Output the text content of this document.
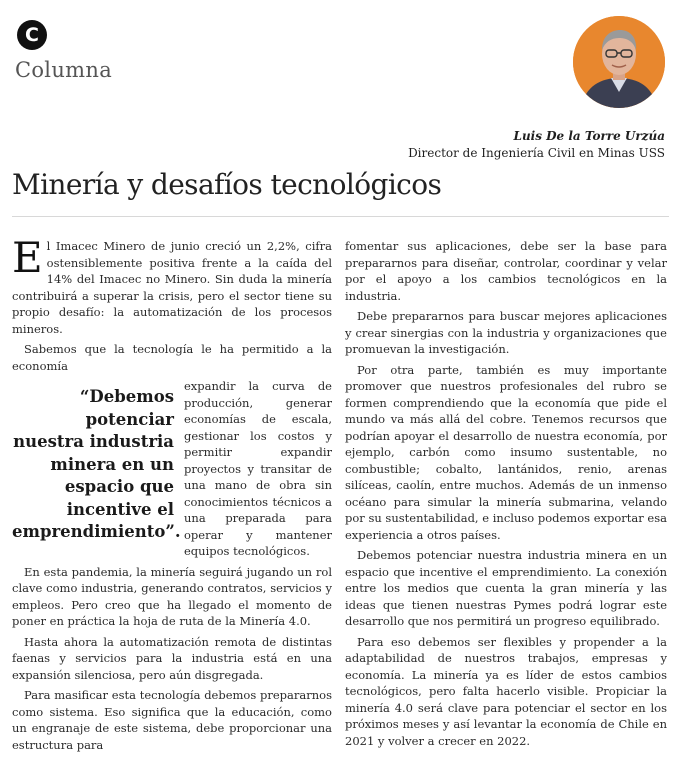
C
Columna
Luis De la Torre Urzúa
Director de Ingeniería Civil en Minas USS
Minería y desafíos tecnológicos

El Imacec Minero de junio creció un 2,2%, cifra ostensiblemente positiva frente a la caída del 14% del Imacec no Minero. Sin duda la minería contribuirá a superar la crisis, pero el sector tiene su propio desafío: la automatización de los procesos mineros.

Sabemos que la tecnología le ha permitido a la economía

“Debemos potenciar nuestra industria minera en un espacio que incentive el emprendimiento”.

expandir la curva de producción, generar economías de escala, gestionar los costos y permitir expandir proyectos y transitar de una mano de obra sin conocimientos técnicos a una preparada para operar y mantener equipos tecnológicos.

En esta pandemia, la minería seguirá jugando un rol clave como industria, generando contratos, servicios y empleos. Pero creo que ha llegado el momento de poner en práctica la hoja de ruta de la Minería 4.0.

Hasta ahora la automatización remota de distintas faenas y servicios para la industria está en una expansión silenciosa, pero aún disgregada.

Para masificar esta tecnología debemos prepararnos como sistema. Eso significa que la educación, como un engranaje de este sistema, debe proporcionar una estructura para

fomentar sus aplicaciones, debe ser la base para prepararnos para diseñar, controlar, coordinar y velar por el apoyo a los cambios tecnológicos en la industria.

Debe prepararnos para buscar mejores aplicaciones y crear sinergias con la industria y organizaciones que promuevan la investigación.

Por otra parte, también es muy importante promover que nuestros profesionales del rubro se formen comprendiendo que la economía que pide el mundo va más allá del cobre. Tenemos recursos que podrían apoyar el desarrollo de nuestra economía, por ejemplo, carbón como insumo sustentable, no combustible; cobalto, lantánidos, renio, arenas silíceas, caolín, entre muchos. Además de un inmenso océano para simular la minería submarina, velando por su sustentabilidad, e incluso podemos exportar esa experiencia a otros países.

Debemos potenciar nuestra industria minera en un espacio que incentive el emprendimiento. La conexión entre los medios que cuenta la gran minería y las ideas que tienen nuestras Pymes podrá lograr este desarrollo que nos permitirá un progreso equilibrado.

Para eso debemos ser flexibles y propender a la adaptabilidad de nuestros trabajos, empresas y economía. La minería ya es líder de estos cambios tecnológicos, pero falta hacerlo visible. Propiciar la minería 4.0 será clave para potenciar el sector en los próximos meses y así levantar la economía de Chile en 2021 y volver a crecer en 2022.
